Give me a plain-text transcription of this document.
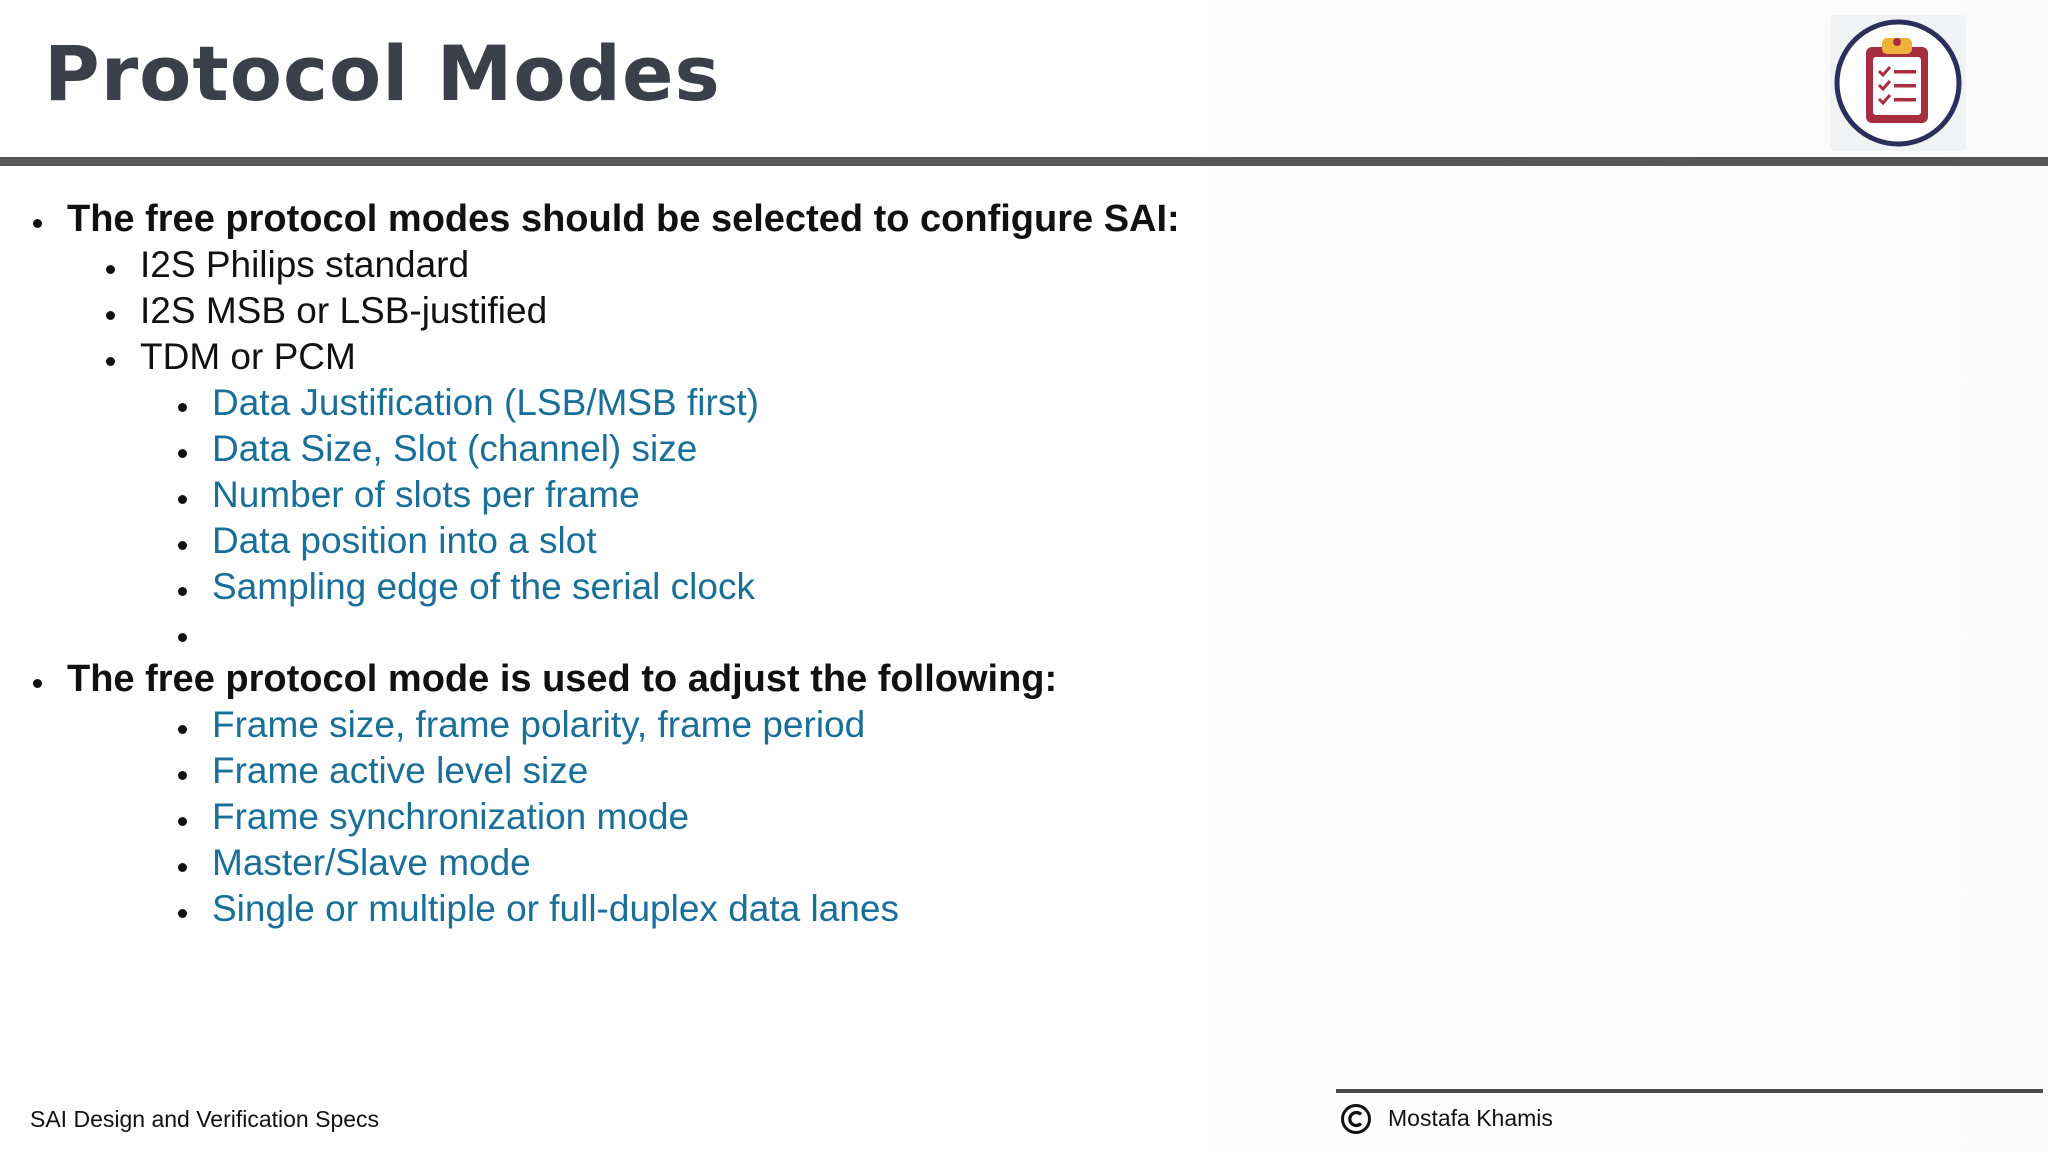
Protocol Modes
The free protocol modes should be selected to configure SAI:
I2S Philips standard
I2S MSB or LSB-justified
TDM or PCM
Data Justification (LSB/MSB first)
Data Size, Slot (channel) size
Number of slots per frame
Data position into a slot
Sampling edge of the serial clock
The free protocol mode is used to adjust the following:
Frame size, frame polarity, frame period
Frame active level size
Frame synchronization mode
Master/Slave mode
Single or multiple or full-duplex data lanes
SAI Design and Verification Specs	Mostafa Khamis
